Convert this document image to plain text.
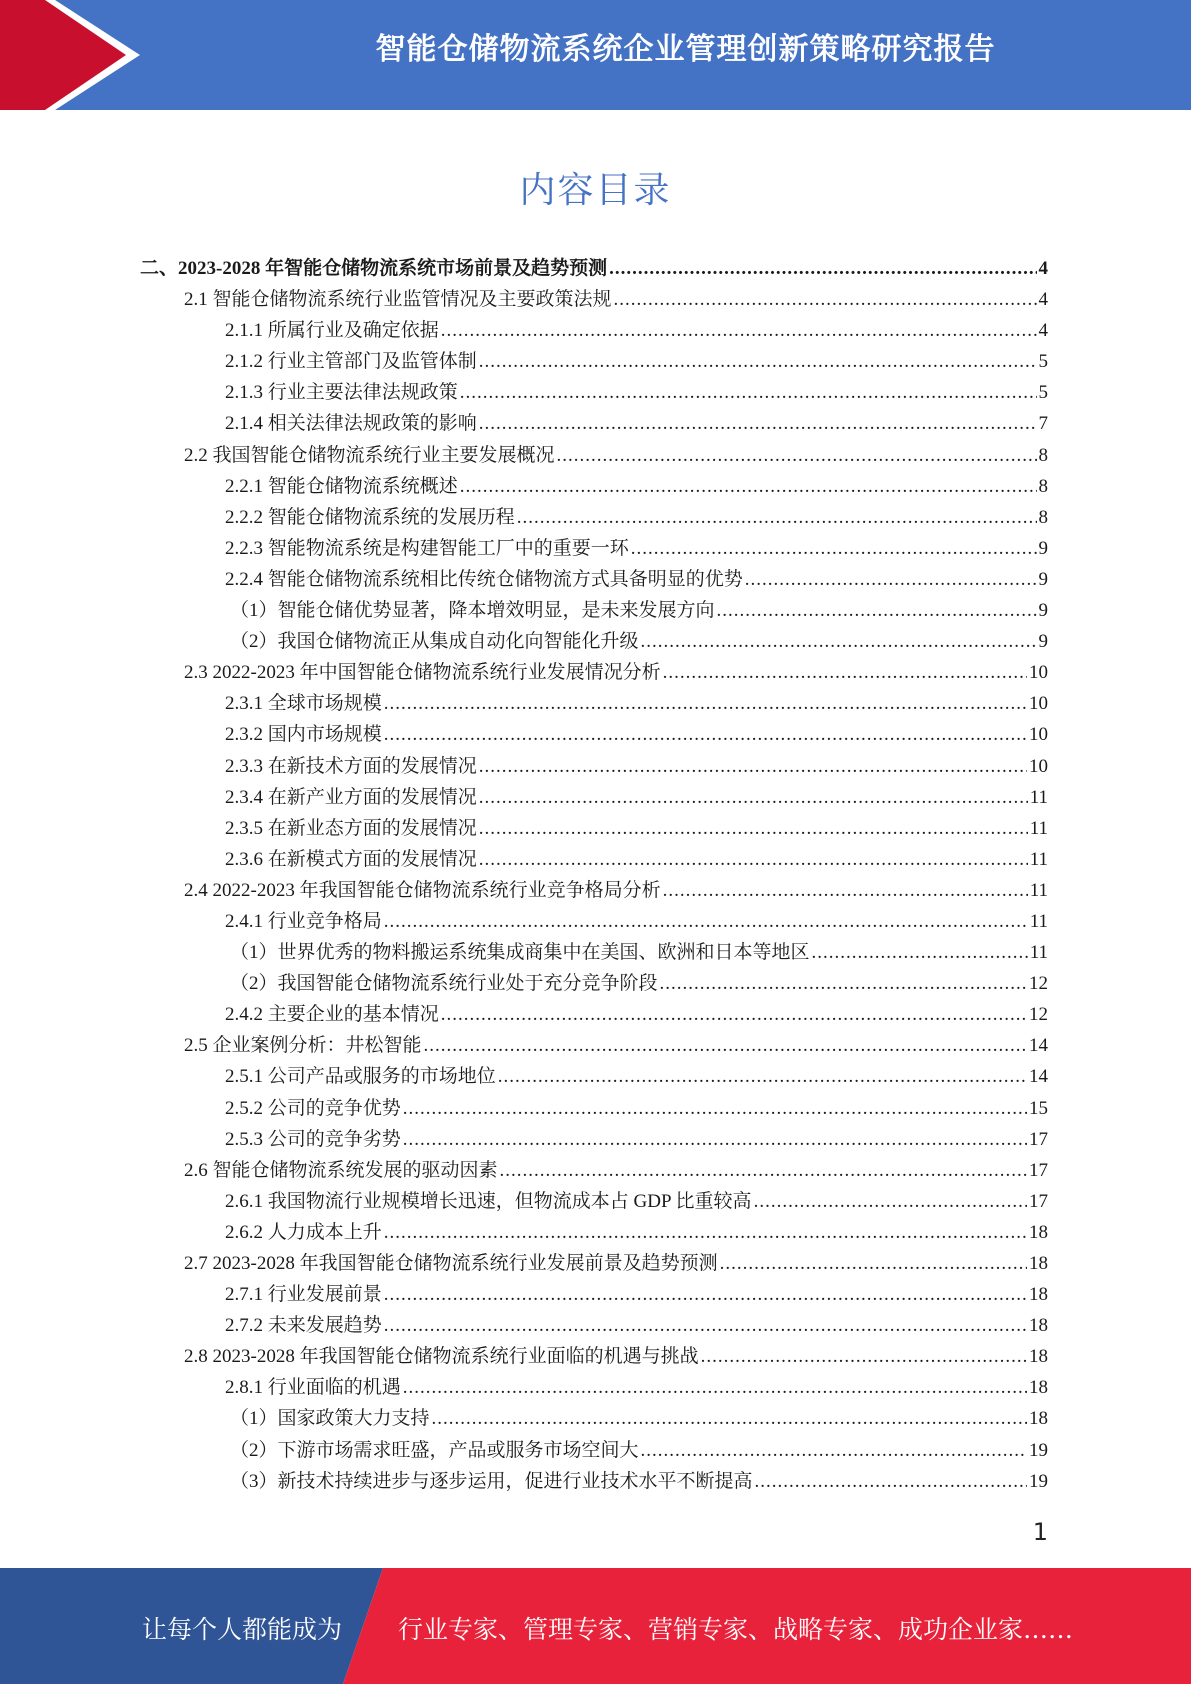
智能仓储物流系统企业管理创新策略研究报告
内容目录
二、2023-2028 年智能仓储物流系统市场前景及趋势预测 .....	4
2.1 智能仓储物流系统行业监管情况及主要政策法规 .....	4
2.1.1 所属行业及确定依据 .....	4
2.1.2 行业主管部门及监管体制 .....	5
2.1.3 行业主要法律法规政策 .....	5
2.1.4 相关法律法规政策的影响 .....	7
2.2 我国智能仓储物流系统行业主要发展概况 .....	8
2.2.1 智能仓储物流系统概述 .....	8
2.2.2 智能仓储物流系统的发展历程 .....	8
2.2.3 智能物流系统是构建智能工厂中的重要一环 .....	9
2.2.4 智能仓储物流系统相比传统仓储物流方式具备明显的优势 .....	9
（1）智能仓储优势显著，降本增效明显，是未来发展方向 .....	9
（2）我国仓储物流正从集成自动化向智能化升级 .....	9
2.3 2022-2023 年中国智能仓储物流系统行业发展情况分析 .....	10
2.3.1 全球市场规模 .....	10
2.3.2 国内市场规模 .....	10
2.3.3 在新技术方面的发展情况 .....	10
2.3.4 在新产业方面的发展情况 .....	11
2.3.5 在新业态方面的发展情况 .....	11
2.3.6 在新模式方面的发展情况 .....	11
2.4 2022-2023 年我国智能仓储物流系统行业竞争格局分析 .....	11
2.4.1 行业竞争格局 .....	11
（1）世界优秀的物料搬运系统集成商集中在美国、欧洲和日本等地区 .....	11
（2）我国智能仓储物流系统行业处于充分竞争阶段 .....	12
2.4.2 主要企业的基本情况 .....	12
2.5 企业案例分析：井松智能 .....	14
2.5.1 公司产品或服务的市场地位 .....	14
2.5.2 公司的竞争优势 .....	15
2.5.3 公司的竞争劣势 .....	17
2.6 智能仓储物流系统发展的驱动因素 .....	17
2.6.1 我国物流行业规模增长迅速，但物流成本占 GDP 比重较高 .....	17
2.6.2 人力成本上升 .....	18
2.7 2023-2028 年我国智能仓储物流系统行业发展前景及趋势预测 .....	18
2.7.1 行业发展前景 .....	18
2.7.2 未来发展趋势 .....	18
2.8 2023-2028 年我国智能仓储物流系统行业面临的机遇与挑战 .....	18
2.8.1 行业面临的机遇 .....	18
（1）国家政策大力支持 .....	18
（2）下游市场需求旺盛，产品或服务市场空间大 .....	19
（3）新技术持续进步与逐步运用，促进行业技术水平不断提高 .....	19
1
让每个人都能成为 行业专家、管理专家、营销专家、战略专家、成功企业家……
